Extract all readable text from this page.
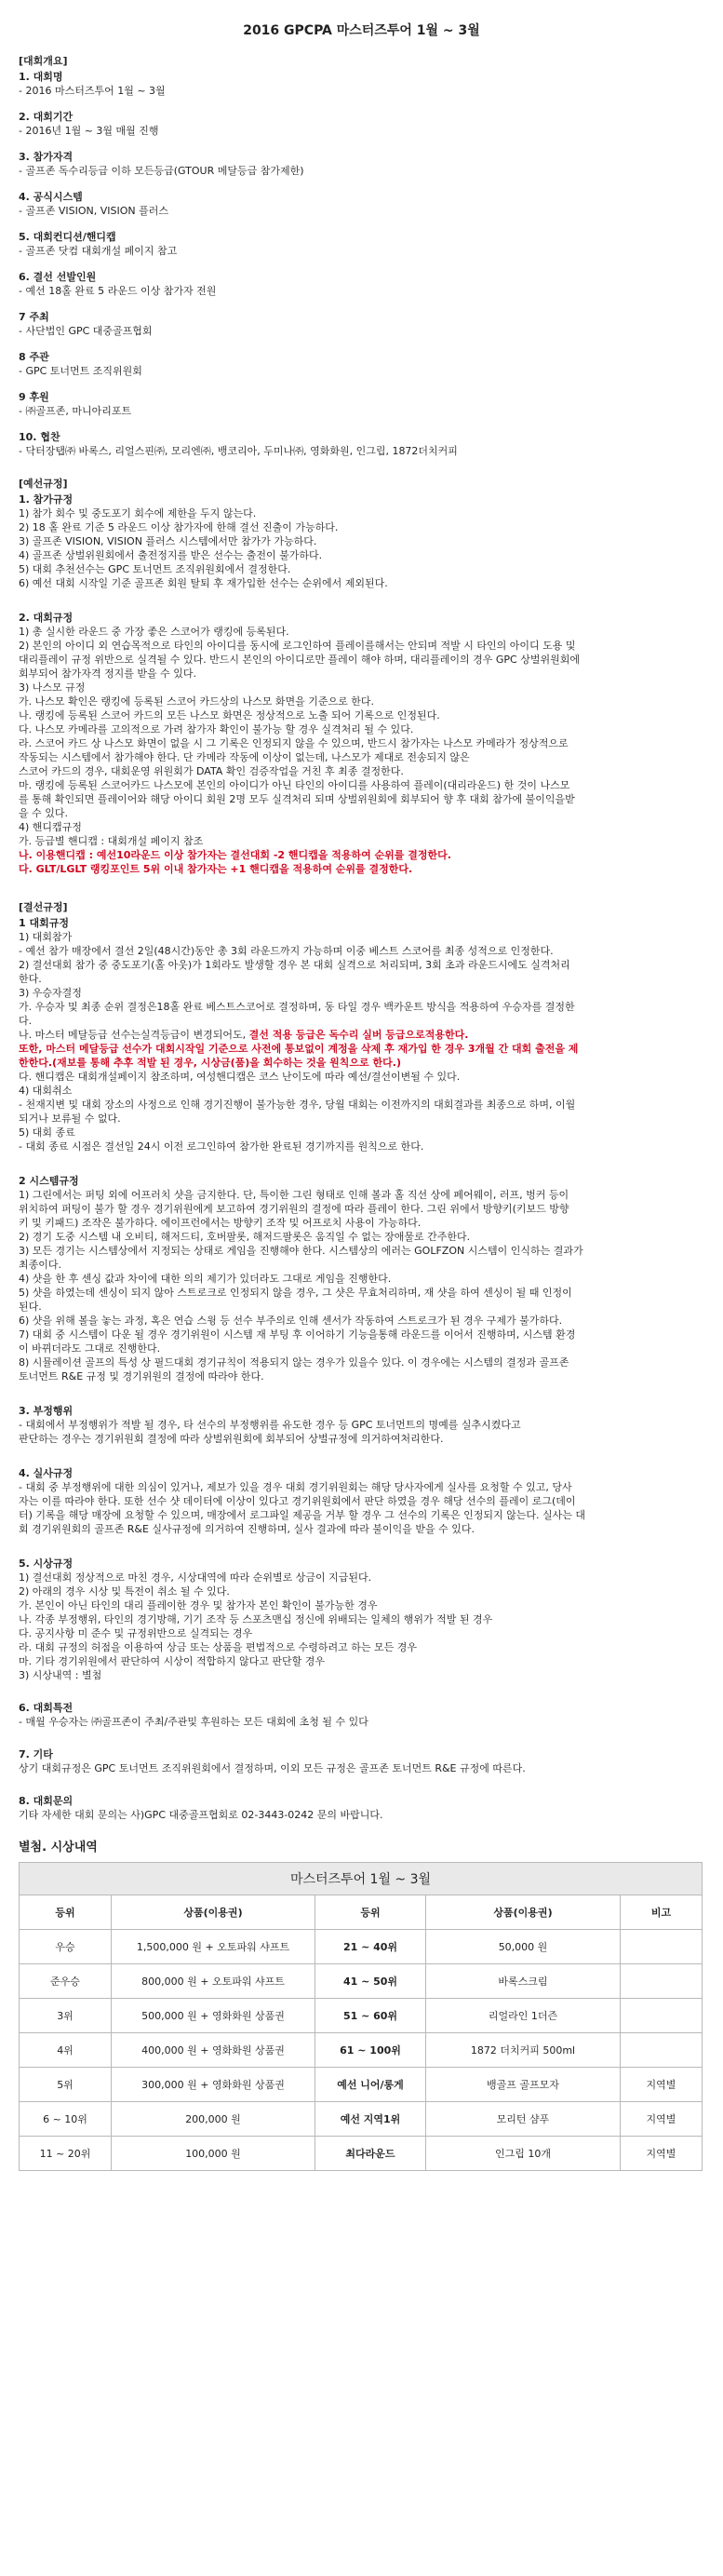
2016 GPCPA 마스터즈투어 1월 ~ 3월
[대회개요]
1. 대회명
- 2016 마스터즈투어 1월 ~ 3월
2. 대회기간
- 2016년 1월 ~ 3월 매월 진행
3. 참가자격
- 골프존 독수리등급 이하 모든등급(GTOUR 메달등급 참가제한)
4. 공식시스템
- 골프존 VISION, VISION 플러스
5. 대회컨디션/핸디캡
- 골프존 닷컴 대회개설 페이지 참고
6. 결선 선발인원
- 예선 18홀 완료 5 라운드 이상 참가자 전원
7 주최
- 사단법인 GPC 대중골프협회
8 주관
- GPC 토너먼트 조직위원회
9 후원
- ㈜골프존, 마니아리포트
10. 협찬
- 닥터장탭㈜ 바록스, 리얼스핀㈜, 모리엔㈜, 뱅코리아, 두미나㈜, 영화화원, 인그립, 1872더치커피
[예선규정]
1. 참가규정
1) 참가 회수 및 중도포기 회수에 제한을 두지 않는다.
2) 18 홀 완료 기준 5 라운드 이상 참가자에 한해 결선 진출이 가능하다.
3) 골프존 VISION, VISION 플러스 시스템에서만 참가가 가능하다.
4) 골프존 상벌위원회에서 출전정지를 받은 선수는 출전이 불가하다.
5) 대회 추천선수는 GPC 토너먼트 조직위원회에서 결정한다.
6) 예선 대회 시작일 기준 골프존 회원 탈퇴 후 재가입한 선수는 순위에서 제외된다.
2. 대회규정
1) 총 실시한 라운드 중 가장 좋은 스코어가 랭킹에 등록된다.
2) 본인의 아이디 외 연습목적으로 타인의 아이디를 동시에 로그인하여 플레이를해서는 안되며 적발 시 타인의 아이디 도용 및
대리플레이 규정 위반으로 실격될 수 있다. 반드시 본인의 아이디로만 플레이 해야 하며, 대리플레이의 경우 GPC 상벌위원회에
회부되어 참가자격 정지를 받을 수 있다.
3) 나스모 규정
가. 나스모 확인은 랭킹에 등록된 스코어 카드상의 나스모 화면을 기준으로 한다.
나. 랭킹에 등록된 스코어 카드의 모든 나스모 화면은 정상적으로 노출 되어 기록으로 인정된다.
다. 나스모 카메라를 고의적으로 가려 참가자 확인이 불가능 할 경우 실격처리 될 수 있다.
라. 스코어 카드 상 나스모 화면이 없을 시 그 기록은 인정되지 않을 수 있으며, 반드시 참가자는 나스모 카메라가 정상적으로
작동되는 시스템에서 참가해야 한다. 단 카메라 작동에 이상이 없는데, 나스모가 제대로 전송되지 않은
스코어 카드의 경우, 대회운영 위원회가 DATA 확인 검증작업을 거친 후 최종 결정한다.
마. 랭킹에 등록된 스코어카드 나스모에 본인의 아이디가 아닌 타인의 아이디를 사용하여 플레이(대리라운드) 한 것이 나스모
를 통해 확인되면 플레이어와 해당 아이디 회원 2명 모두 실격처리 되며 상벌위원회에 회부되어 향 후 대회 참가에 불이익을받
을 수 있다.
4) 핸디캡규정
가. 등급별 핸디캡 : 대회개설 페이지 참조
나. 이용핸디캡 : 예선10라운드 이상 참가자는 결선대회 -2 핸디캡을 적용하여 순위를 결정한다.
다. GLT/LGLT 랭킹포인트 5위 이내 참가자는 +1 핸디캡을 적용하여 순위를 결정한다.
[결선규정]
1 대회규정
1) 대회참가
- 예선 참가 매장에서 결선 2일(48시간)동안 총 3회 라운드까지 가능하며 이중 베스트 스코어를 최종 성적으로 인정한다.
2) 결선대회 참가 중 중도포기(홀 아웃)가 1회라도 발생할 경우 본 대회 실격으로 처리되며, 3회 초과 라운드시에도 실격처리
한다.
3) 우승자결정
가. 우승자 및 최종 순위 결정은18홀 완료 베스트스코어로 결정하며, 동 타일 경우 백카운트 방식을 적용하여 우승자를 결정한
다.
나. 마스터 메달등급 선수는실격등급이 변경되어도, 결선 적용 등급은 독수리 실버 등급으로적용한다.
또한, 마스터 메달등급 선수가 대회시작일 기준으로 사전에 통보없이 계정을 삭제 후 재가입 한 경우 3개월 간 대회 출전을 제
한한다.(재보를 통해 추후 적발 된 경우, 시상금(품)을 회수하는 것을 원칙으로 한다.)
다. 핸디캡은 대회개설페이지 참조하며, 여성핸디캡은 코스 난이도에 따라 예선/결선이변될 수 있다.
4) 대회취소
- 천재지변 및 대회 장소의 사정으로 인해 경기진행이 불가능한 경우, 당월 대회는 이전까지의 대회결과를 최종으로 하며, 이월
되거나 보류될 수 없다.
5) 대회 종료
- 대회 종료 시점은 결선일 24시 이전 로그인하여 참가한 완료된 경기까지를 원칙으로 한다.
2 시스템규정
1) 그린에서는 퍼팅 외에 어프러치 샷을 금지한다. 단, 특이한 그린 형태로 인해 볼과 홀 직선 상에 페어웨이, 러프, 벙커 등이
위치하여 퍼팅이 불가 할 경우 경기위원에게 보고하여 경기위원의 결정에 따라 플레이 한다. 그린 위에서 방향키(키보드 방향
키 및 키패드) 조작은 불가하다. 에이프런에서는 방향키 조작 및 어프로치 사용이 가능하다.
2) 경기 도중 시스템 내 오비티, 해저드티, 호버팔롯, 해저드팔롯은 움직일 수 없는 장애물로 간주한다.
3) 모든 경기는 시스템상에서 지정되는 상태로 게임을 진행해야 한다. 시스템상의 에러는 GOLFZON 시스템이 인식하는 결과가
최종이다.
4) 샷을 한 후 센싱 값과 차이에 대한 의의 제기가 있더라도 그대로 게임을 진행한다.
5) 샷을 하였는데 센싱이 되지 않아 스트로크로 인정되지 않을 경우, 그 샷은 무효처리하며, 재 샷을 하여 센싱이 될 때 인정이
된다.
6) 샷을 위해 볼을 놓는 과정, 혹은 연습 스윙 등 선수 부주의로 인해 센서가 작동하여 스트로크가 된 경우 구제가 불가하다.
7) 대회 중 시스템이 다운 될 경우 경기위원이 시스템 재 부팅 후 이어하기 기능을통해 라운드를 이어서 진행하며, 시스템 환경
이 바뀌더라도 그대로 진행한다.
8) 시뮬레이션 골프의 특성 상 필드대회 경기규칙이 적용되지 않는 경우가 있을수 있다. 이 경우에는 시스템의 결정과 골프존
토너먼트 R&E 규정 및 경기위원의 결정에 따라야 한다.
3. 부정행위
- 대회에서 부정행위가 적발 될 경우, 타 선수의 부정행위를 유도한 경우 등 GPC 토너먼트의 명예를 실추시켰다고
판단하는 경우는 경기위원회 결정에 따라 상벌위원회에 회부되어 상벌규정에 의거하여처리한다.
4. 실사규정
- 대회 중 부정행위에 대한 의심이 있거나, 제보가 있을 경우 대회 경기위원회는 해당 당사자에게 실사를 요청할 수 있고, 당사
자는 이를 따라야 한다. 또한 선수 샷 데이터에 이상이 있다고 경기위원회에서 판단 하였을 경우 해당 선수의 플레이 로그(데이
터) 기록을 해당 매장에 요청할 수 있으며, 매장에서 로그파일 제공을 거부 할 경우 그 선수의 기록은 인정되지 않는다. 실사는 대
회 경기위원회의 골프존 R&E 실사규정에 의거하여 진행하며, 실사 결과에 따라 불이익을 받을 수 있다.
5. 시상규정
1) 결선대회 정상적으로 마친 경우, 시상대역에 따라 순위별로 상금이 지급된다.
2) 아래의 경우 시상 및 특전이 취소 될 수 있다.
가. 본인이 아닌 타인의 대리 플레이한 경우 및 참가자 본인 확인이 불가능한 경우
나. 각종 부정행위, 타인의 경기방해, 기기 조작 등 스포츠맨십 정신에 위배되는 일체의 행위가 적발 된 경우
다. 공지사항 미 준수 및 규정위반으로 실격되는 경우
라. 대회 규정의 허점을 이용하여 상금 또는 상품을 편법적으로 수령하려고 하는 모든 경우
마. 기타 경기위원에서 판단하여 시상이 적합하지 않다고 판단할 경우
3) 시상내역 : 별첨
6. 대회특전
- 매월 우승자는 ㈜골프존이 주최/주관및 후원하는 모든 대회에 초청 될 수 있다
7. 기타
상기 대회규정은 GPC 토너먼트 조직위원회에서 결정하며, 이외 모든 규정은 골프존 토너먼트 R&E 규정에 따른다.
8. 대회문의
기타 자세한 대회 문의는 사)GPC 대중골프협회로 02-3443-0242 문의 바랍니다.
별첨. 시상내역
마스터즈투어 1월 ~ 3월				
등위	상품(이용권)	등위	상품(이용권)	비고
우승	1,500,000 원 + 오토파워 샤프트	21 ~ 40위	50,000 원	
준우승	800,000 원 + 오토파워 샤프트	41 ~ 50위	바록스크림	
3위	500,000 원 + 영화화원 상품권	51 ~ 60위	리얼라인 1더즌	
4위	400,000 원 + 영화화원 상품권	61 ~ 100위	1872 더치커피 500ml	
5위	300,000 원 + 영화화원 상품권	예선 니어/롱게	뱅골프 골프모자	지역별
6 ~ 10위	200,000 원	예선 지역1위	모리턴 샴푸	지역별
11 ~ 20위	100,000 원	최다라운드	인그립 10개	지역별
